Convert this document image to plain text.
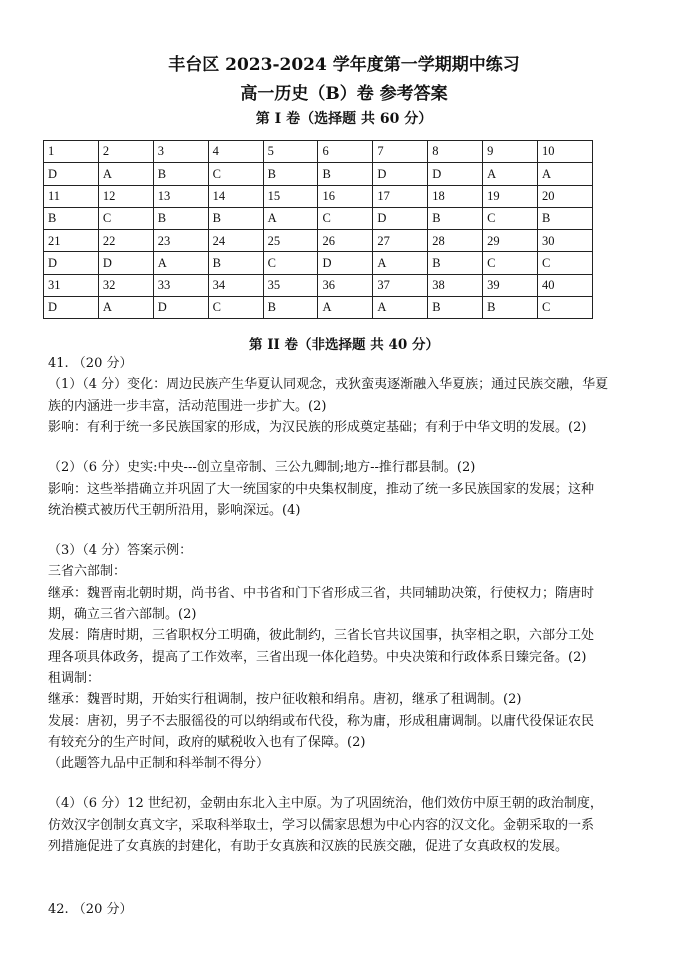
丰台区 2023-2024 学年度第一学期期中练习
高一历史（B）卷 参考答案
第 I 卷（选择题 共 60 分）
1	2	3	4	5	6	7	8	9	10
D	A	B	C	B	B	D	D	A	A
11	12	13	14	15	16	17	18	19	20
B	C	B	B	A	C	D	B	C	B
21	22	23	24	25	26	27	28	29	30
D	D	A	B	C	D	A	B	C	C
31	32	33	34	35	36	37	38	39	40
D	A	D	C	B	A	A	B	B	C
第 II 卷（非选择题 共 40 分）
41. （20 分）
（1）（4 分）变化：周边民族产生华夏认同观念，戎狄蛮夷逐渐融入华夏族；通过民族交融，华夏
族的内涵进一步丰富，活动范围进一步扩大。(2)
影响：有利于统一多民族国家的形成，为汉民族的形成奠定基础；有利于中华文明的发展。(2)
（2）（6 分）史实:中央---创立皇帝制、三公九卿制;地方--推行郡县制。(2)
影响：这些举措确立并巩固了大一统国家的中央集权制度，推动了统一多民族国家的发展；这种
统治模式被历代王朝所沿用，影响深远。(4)
（3）（4 分）答案示例：
三省六部制：
继承：魏晋南北朝时期，尚书省、中书省和门下省形成三省，共同辅助决策，行使权力；隋唐时
期，确立三省六部制。(2)
发展：隋唐时期，三省职权分工明确，彼此制约，三省长官共议国事，执宰相之职，六部分工处
理各项具体政务，提高了工作效率，三省出现一体化趋势。中央决策和行政体系日臻完备。(2)
租调制：
继承：魏晋时期，开始实行租调制，按户征收粮和绢帛。唐初，继承了租调制。(2)
发展：唐初，男子不去服徭役的可以纳绢或布代役，称为庸，形成租庸调制。以庸代役保证农民
有较充分的生产时间，政府的赋税收入也有了保障。(2)
（此题答九品中正制和科举制不得分）
（4）（6 分）12 世纪初，金朝由东北入主中原。为了巩固统治，他们效仿中原王朝的政治制度，
仿效汉字创制女真文字，采取科举取士，学习以儒家思想为中心内容的汉文化。金朝采取的一系
列措施促进了女真族的封建化，有助于女真族和汉族的民族交融，促进了女真政权的发展。
42. （20 分）
